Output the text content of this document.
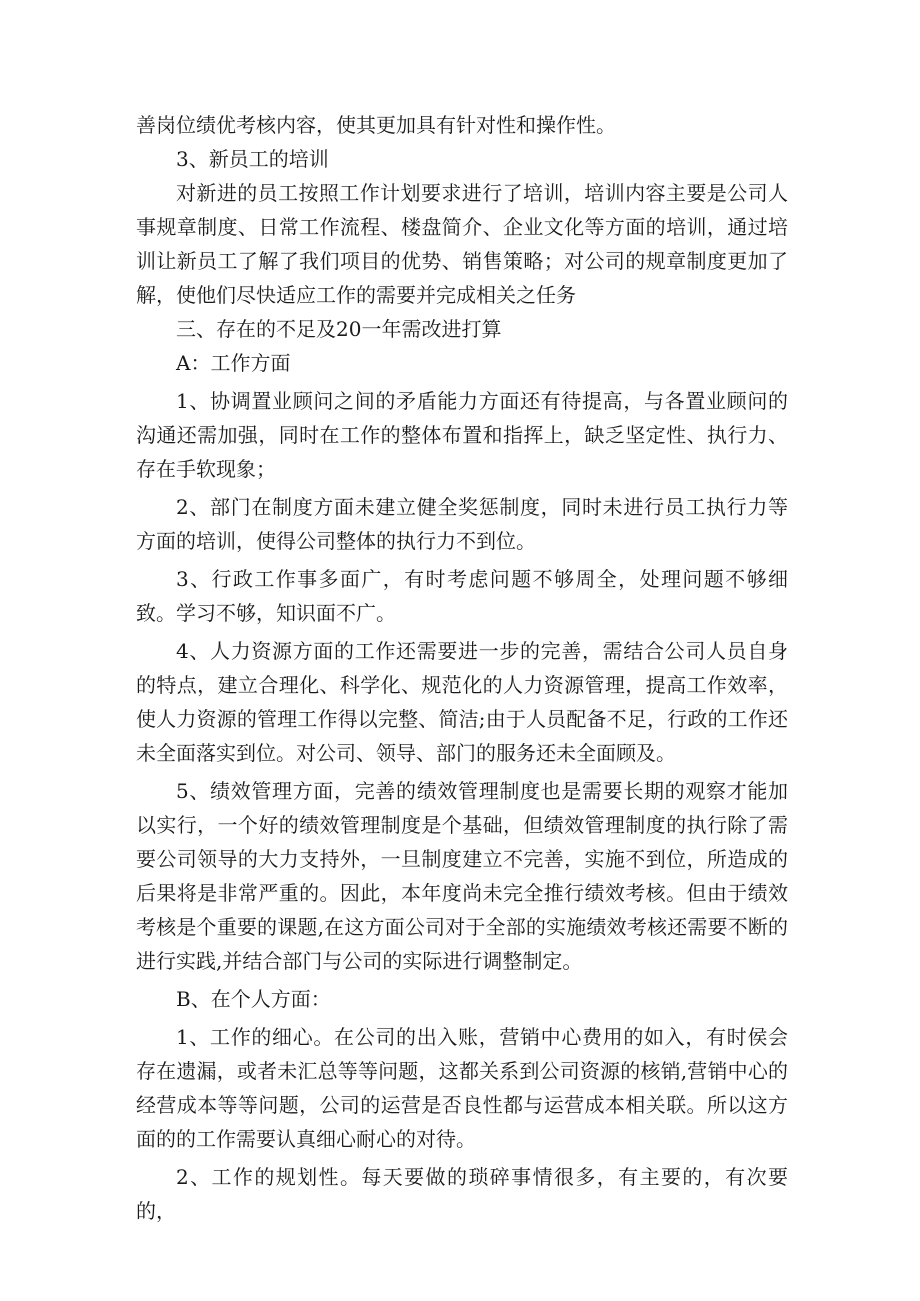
善岗位绩优考核内容，使其更加具有针对性和操作性。

3、新员工的培训

对新进的员工按照工作计划要求进行了培训，培训内容主要是公司人事规章制度、日常工作流程、楼盘简介、企业文化等方面的培训，通过培训让新员工了解了我们项目的优势、销售策略；对公司的规章制度更加了解，使他们尽快适应工作的需要并完成相关之任务

三、存在的不足及20一年需改进打算

A：工作方面

1、协调置业顾问之间的矛盾能力方面还有待提高，与各置业顾问的沟通还需加强，同时在工作的整体布置和指挥上，缺乏坚定性、执行力、存在手软现象；

2、部门在制度方面未建立健全奖惩制度，同时未进行员工执行力等方面的培训，使得公司整体的执行力不到位。

3、行政工作事多面广，有时考虑问题不够周全，处理问题不够细致。学习不够，知识面不广。

4、人力资源方面的工作还需要进一步的完善，需结合公司人员自身的特点，建立合理化、科学化、规范化的人力资源管理，提高工作效率，使人力资源的管理工作得以完整、简洁;由于人员配备不足，行政的工作还未全面落实到位。对公司、领导、部门的服务还未全面顾及。

5、绩效管理方面，完善的绩效管理制度也是需要长期的观察才能加以实行，一个好的绩效管理制度是个基础，但绩效管理制度的执行除了需要公司领导的大力支持外，一旦制度建立不完善，实施不到位，所造成的后果将是非常严重的。因此，本年度尚未完全推行绩效考核。但由于绩效考核是个重要的课题,在这方面公司对于全部的实施绩效考核还需要不断的进行实践,并结合部门与公司的实际进行调整制定。

B、在个人方面：

1、工作的细心。在公司的出入账，营销中心费用的如入，有时侯会存在遗漏，或者未汇总等等问题，这都关系到公司资源的核销,营销中心的经营成本等等问题，公司的运营是否良性都与运营成本相关联。所以这方面的的工作需要认真细心耐心的对待。

2、工作的规划性。每天要做的琐碎事情很多，有主要的，有次要的，
